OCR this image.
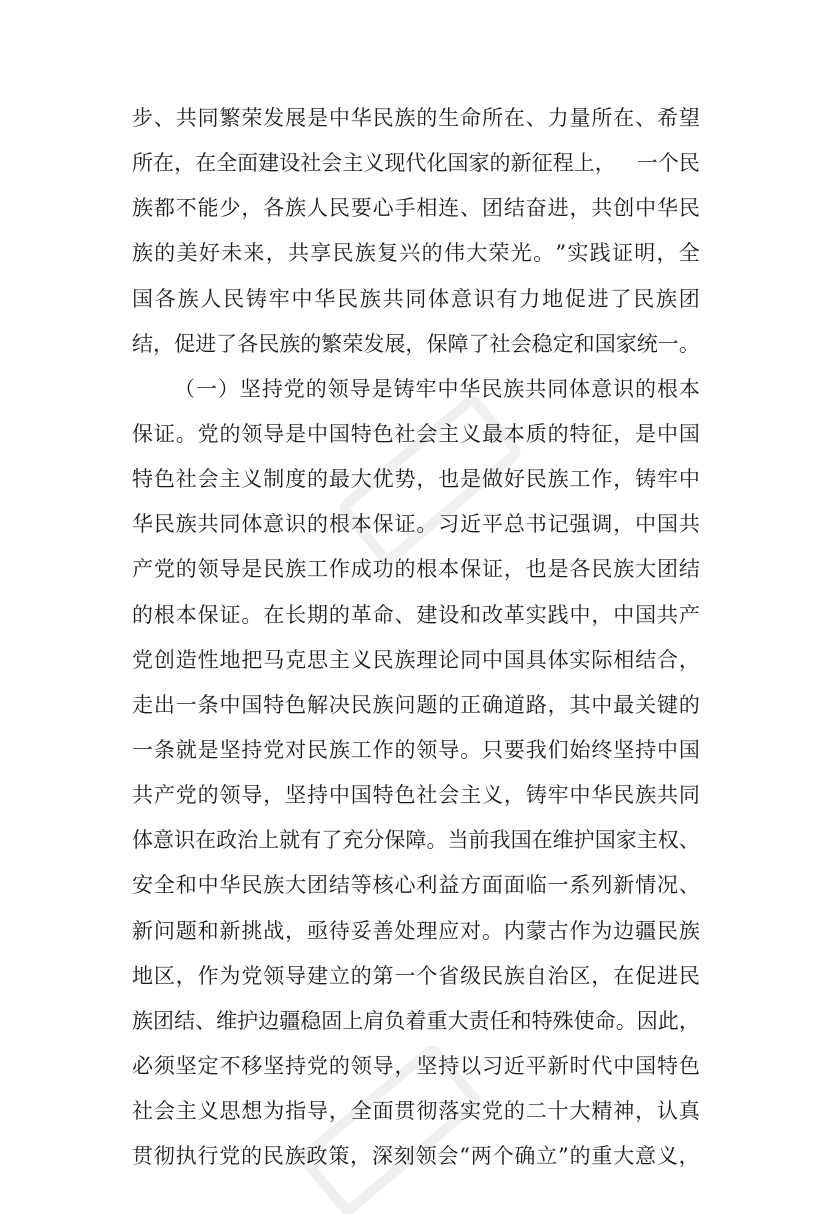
步 、 共 同 繁 荣 发 展 是 中 华 民 族 的 生 命 所 在 、 力 量 所 在 、 希 望
所 在 ， 在 全 面 建 设 社 会 主 义 现 代 化 国 家 的 新 征 程 上 ，
　 一 个 民
族 都 不 能 少 ， 各 族 人 民 要 心 手 相 连 、 团 结 奋 进 ， 共 创 中 华 民
族 的 美 好 未 来 ， 共 享 民 族 复 兴 的 伟 大 荣 光 。 ” 实 践 证 明 ， 全
国 各 族 人 民 铸 牢 中 华 民 族 共 同 体 意 识 有 力 地 促 进 了 民 族 团
结 ， 促 进 了 各 民 族 的 繁 荣 发 展 ， 保 障 了 社 会 稳 定 和 国 家 统 一 。
（ 一 ） 坚 持 党 的 领 导 是 铸 牢 中 华 民 族 共 同 体 意 识 的 根 本
保 证 。 党 的 领 导 是 中 国 特 色 社 会 主 义 最 本 质 的 特 征 ， 是 中 国
特 色 社 会 主 义 制 度 的 最 大 优 势 ， 也 是 做 好 民 族 工 作 ， 铸 牢 中
华 民 族 共 同 体 意 识 的 根 本 保 证 。 习 近 平 总 书 记 强 调 ， 中 国 共
产 党 的 领 导 是 民 族 工 作 成 功 的 根 本 保 证 ， 也 是 各 民 族 大 团 结
的 根 本 保 证 。 在 长 期 的 革 命 、 建 设 和 改 革 实 践 中 ， 中 国 共 产
党 创 造 性 地 把 马 克 思 主 义 民 族 理 论 同 中 国 具 体 实 际 相 结 合 ，
走 出 一 条 中 国 特 色 解 决 民 族 问 题 的 正 确 道 路 ， 其 中 最 关 键 的
一 条 就 是 坚 持 党 对 民 族 工 作 的 领 导 。 只 要 我 们 始 终 坚 持 中 国
共 产 党 的 领 导 ， 坚 持 中 国 特 色 社 会 主 义 ， 铸 牢 中 华 民 族 共 同
体 意 识 在 政 治 上 就 有 了 充 分 保 障 。 当 前 我 国 在 维 护 国 家 主 权 、
安 全 和 中 华 民 族 大 团 结 等 核 心 利 益 方 面 面 临 一 系 列 新 情 况 、
新 问 题 和 新 挑 战 ， 亟 待 妥 善 处 理 应 对 。 内 蒙 古 作 为 边 疆 民 族
地 区 ， 作 为 党 领 导 建 立 的 第 一 个 省 级 民 族 自 治 区 ， 在 促 进 民
族 团 结 、 维 护 边 疆 稳 固 上 肩 负 着 重 大 责 任 和 特 殊 使 命 。 因 此 ，
必 须 坚 定 不 移 坚 持 党 的 领 导 ， 坚 持 以 习 近 平 新 时 代 中 国 特 色
社 会 主 义 思 想 为 指 导 ， 全 面 贯 彻 落 实 党 的 二 十 大 精 神 ， 认 真
贯 彻 执 行 党 的 民 族 政 策 ， 深 刻 领 会 “ 两 个 确 立 ” 的 重 大 意 义 ，
